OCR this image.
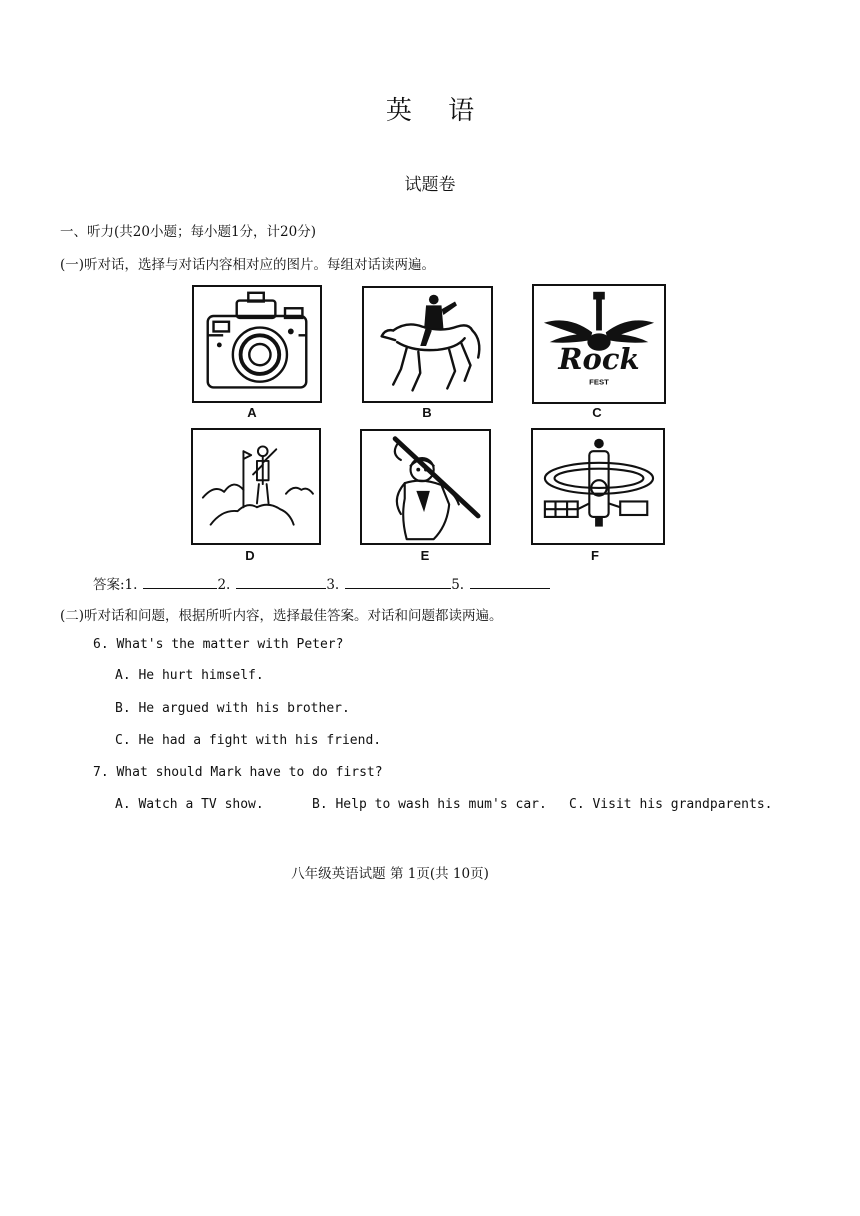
英 语
试题卷
一、听力(共20小题；每小题1分，计20分)
(一)听对话，选择与对话内容相对应的图片。每组对话读两遍。
A	B
Rock
FEST
C
D	E	F
答案:1.	2.	3.	5.
(二)听对话和问题，根据所听内容，选择最佳答案。对话和问题都读两遍。
6. What's the matter with Peter?
A. He hurt himself.
B. He argued with his brother.
C. He had a fight with his friend.
7. What should Mark have to do first?
A. Watch a TV show.	B. Help to wash his mum's car. C. Visit his grandparents.
八年级英语试题 第 1页(共 10页)
